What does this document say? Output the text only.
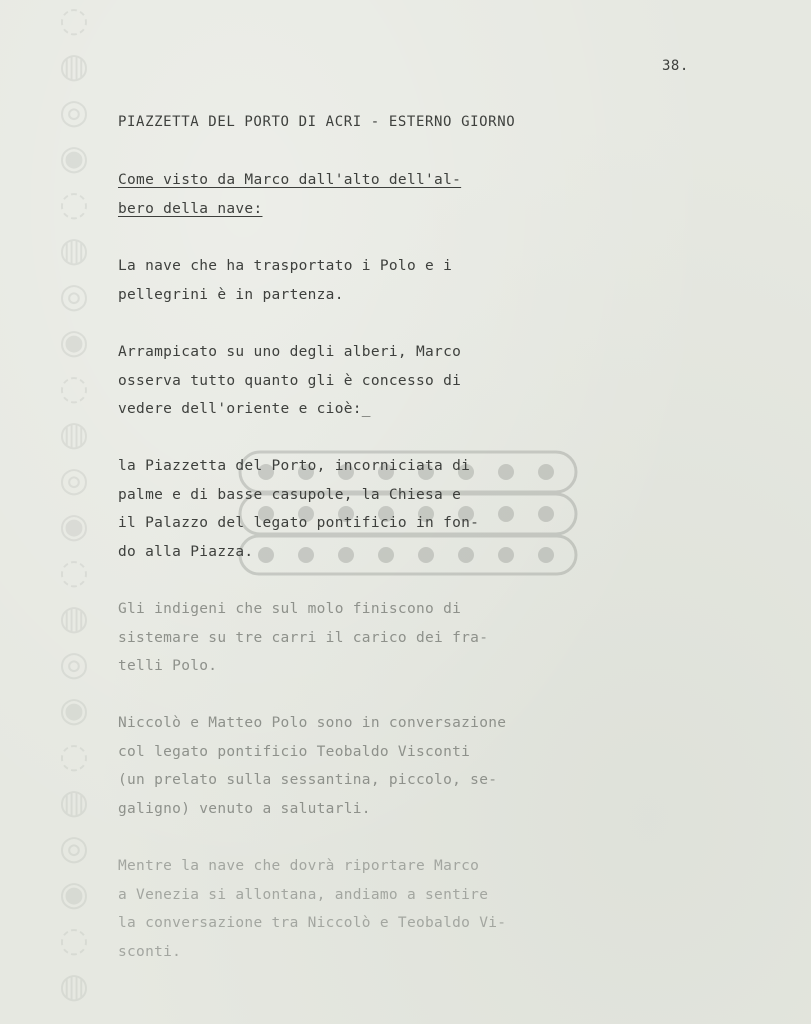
◌◍◎◉◌◍◎◉◌◍◎◉◌◍◎◉◌◍◎◉◌◍	38.
PIAZZETTA DEL PORTO DI ACRI - ESTERNO GIORNO
Come visto da Marco dall'alto dell'al-
bero della nave:
La nave che ha trasportato i Polo e i
pellegrini è in partenza.
Arrampicato su uno degli alberi, Marco
osserva tutto quanto gli è concesso di
vedere dell'oriente e cioè:_
la Piazzetta del Porto, incorniciata di
palme e di basse casupole, la Chiesa e
il Palazzo del legato pontificio in fon-
do alla Piazza.
Gli indigeni che sul molo finiscono di
sistemare su tre carri il carico dei fra-
telli Polo.
Niccolò e Matteo Polo sono in conversazione
col legato pontificio Teobaldo Visconti
(un prelato sulla sessantina, piccolo, se-
galigno) venuto a salutarli.
Mentre la nave che dovrà riportare Marco
a Venezia si allontana, andiamo a sentire
la conversazione tra Niccolò e Teobaldo Vi-
sconti.
